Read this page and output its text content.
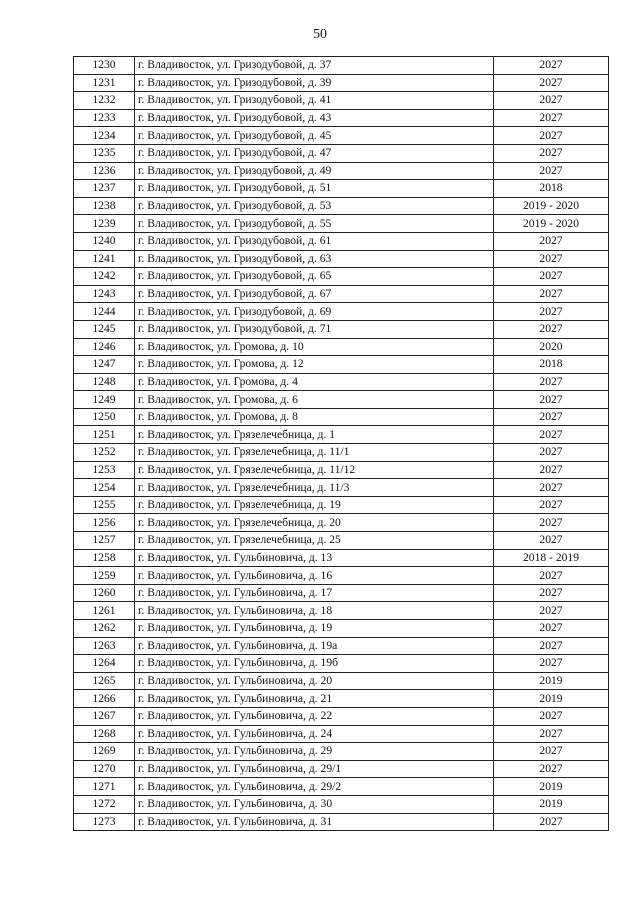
50
1230	г. Владивосток, ул. Гризодубовой, д. 37	2027
1231	г. Владивосток, ул. Гризодубовой, д. 39	2027
1232	г. Владивосток, ул. Гризодубовой, д. 41	2027
1233	г. Владивосток, ул. Гризодубовой, д. 43	2027
1234	г. Владивосток, ул. Гризодубовой, д. 45	2027
1235	г. Владивосток, ул. Гризодубовой, д. 47	2027
1236	г. Владивосток, ул. Гризодубовой, д. 49	2027
1237	г. Владивосток, ул. Гризодубовой, д. 51	2018
1238	г. Владивосток, ул. Гризодубовой, д. 53	2019 - 2020
1239	г. Владивосток, ул. Гризодубовой, д. 55	2019 - 2020
1240	г. Владивосток, ул. Гризодубовой, д. 61	2027
1241	г. Владивосток, ул. Гризодубовой, д. 63	2027
1242	г. Владивосток, ул. Гризодубовой, д. 65	2027
1243	г. Владивосток, ул. Гризодубовой, д. 67	2027
1244	г. Владивосток, ул. Гризодубовой, д. 69	2027
1245	г. Владивосток, ул. Гризодубовой, д. 71	2027
1246	г. Владивосток, ул. Громова, д. 10	2020
1247	г. Владивосток, ул. Громова, д. 12	2018
1248	г. Владивосток, ул. Громова, д. 4	2027
1249	г. Владивосток, ул. Громова, д. 6	2027
1250	г. Владивосток, ул. Громова, д. 8	2027
1251	г. Владивосток, ул. Грязелечебница, д. 1	2027
1252	г. Владивосток, ул. Грязелечебница, д. 11/1	2027
1253	г. Владивосток, ул. Грязелечебница, д. 11/12	2027
1254	г. Владивосток, ул. Грязелечебница, д. 11/3	2027
1255	г. Владивосток, ул. Грязелечебница, д. 19	2027
1256	г. Владивосток, ул. Грязелечебница, д. 20	2027
1257	г. Владивосток, ул. Грязелечебница, д. 25	2027
1258	г. Владивосток, ул. Гульбиновича, д. 13	2018 - 2019
1259	г. Владивосток, ул. Гульбиновича, д. 16	2027
1260	г. Владивосток, ул. Гульбиновича, д. 17	2027
1261	г. Владивосток, ул. Гульбиновича, д. 18	2027
1262	г. Владивосток, ул. Гульбиновича, д. 19	2027
1263	г. Владивосток, ул. Гульбиновича, д. 19а	2027
1264	г. Владивосток, ул. Гульбиновича, д. 19б	2027
1265	г. Владивосток, ул. Гульбиновича, д. 20	2019
1266	г. Владивосток, ул. Гульбиновича, д. 21	2019
1267	г. Владивосток, ул. Гульбиновича, д. 22	2027
1268	г. Владивосток, ул. Гульбиновича, д. 24	2027
1269	г. Владивосток, ул. Гульбиновича, д. 29	2027
1270	г. Владивосток, ул. Гульбиновича, д. 29/1	2027
1271	г. Владивосток, ул. Гульбиновича, д. 29/2	2019
1272	г. Владивосток, ул. Гульбиновича, д. 30	2019
1273	г. Владивосток, ул. Гульбиновича, д. 31	2027
